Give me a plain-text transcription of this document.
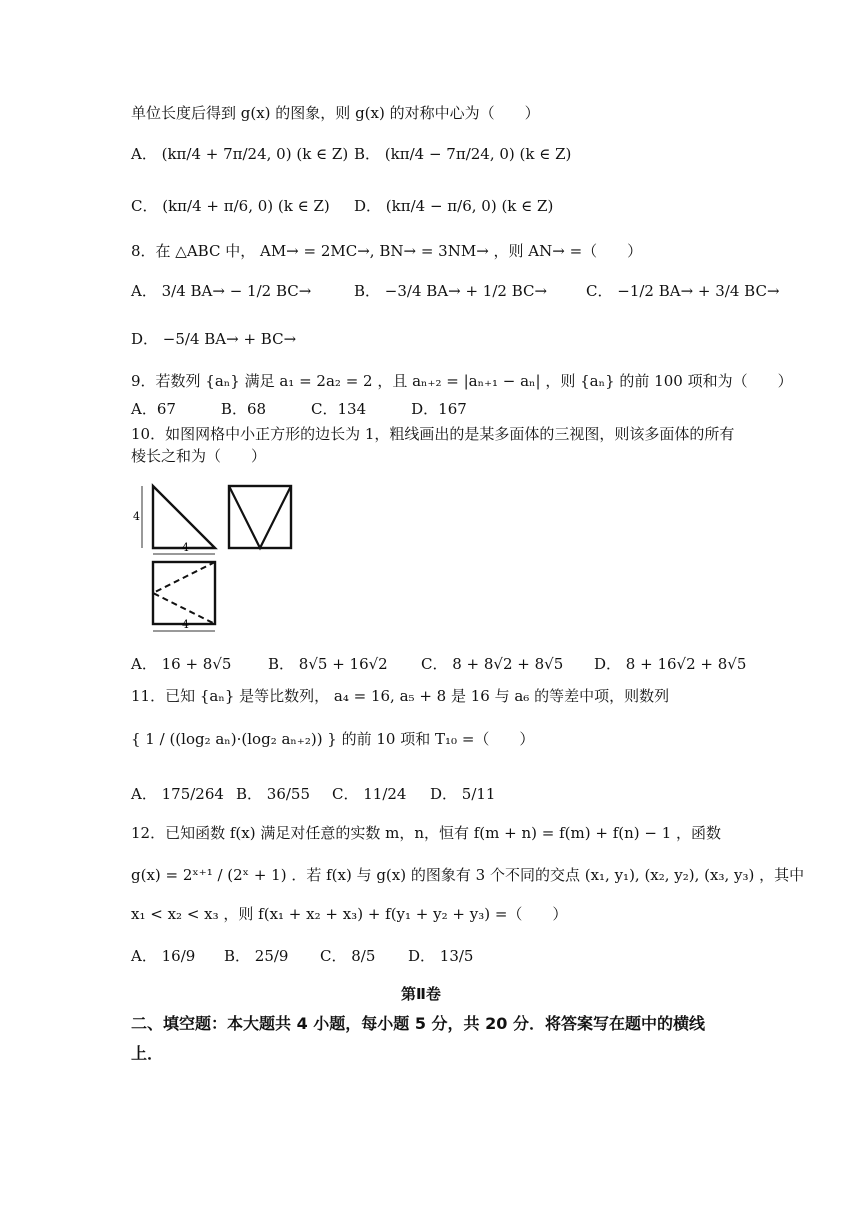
单位长度后得到 g(x) 的图象，则 g(x) 的对称中心为（　　）
A． (kπ/4 + 7π/24, 0) (k ∈ Z) B． (kπ/4 − 7π/24, 0) (k ∈ Z)
C． (kπ/4 + π/6, 0) (k ∈ Z) D． (kπ/4 − π/6, 0) (k ∈ Z)
8．在 △ABC 中， AM→ = 2MC→, BN→ = 3NM→ ，则 AN→ =（　　）
A． 3/4 BA→ − 1/2 BC→	B． −3/4 BA→ + 1/2 BC→	C． −1/2 BA→ + 3/4 BC→
D． −5/4 BA→ + BC→
9．若数列 {aₙ} 满足 a₁ = 2a₂ = 2 ，且 aₙ₊₂ = |aₙ₊₁ − aₙ| ，则 {aₙ} 的前 100 项和为（　　）
A．67　　　B．68　　　C．134　　　D．167
10．如图网格中小正方形的边长为 1，粗线画出的是某多面体的三视图，则该多面体的所有
棱长之和为（　　）
4
4
4
A． 16 + 8√5 B． 8√5 + 16√2 C． 8 + 8√2 + 8√5 D． 8 + 16√2 + 8√5
11．已知 {aₙ} 是等比数列， a₄ = 16, a₅ + 8 是 16 与 a₆ 的等差中项，则数列
{ 1 / ((log₂ aₙ)·(log₂ aₙ₊₂)) } 的前 10 项和 T₁₀ =（　　）
A． 175/264 B． 36/55 C． 11/24 D． 5/11
12．已知函数 f(x) 满足对任意的实数 m，n，恒有 f(m + n) = f(m) + f(n) − 1 ，函数
g(x) = 2ˣ⁺¹ / (2ˣ + 1) ．若 f(x) 与 g(x) 的图象有 3 个不同的交点 (x₁, y₁), (x₂, y₂), (x₃, y₃) ，其中
x₁ < x₂ < x₃ ，则 f(x₁ + x₂ + x₃) + f(y₁ + y₂ + y₃) =（　　）
A． 16/9 B． 25/9 C． 8/5 D． 13/5
第Ⅱ卷
二、填空题：本大题共 4 小题，每小题 5 分，共 20 分．将答案写在题中的横线
上．
